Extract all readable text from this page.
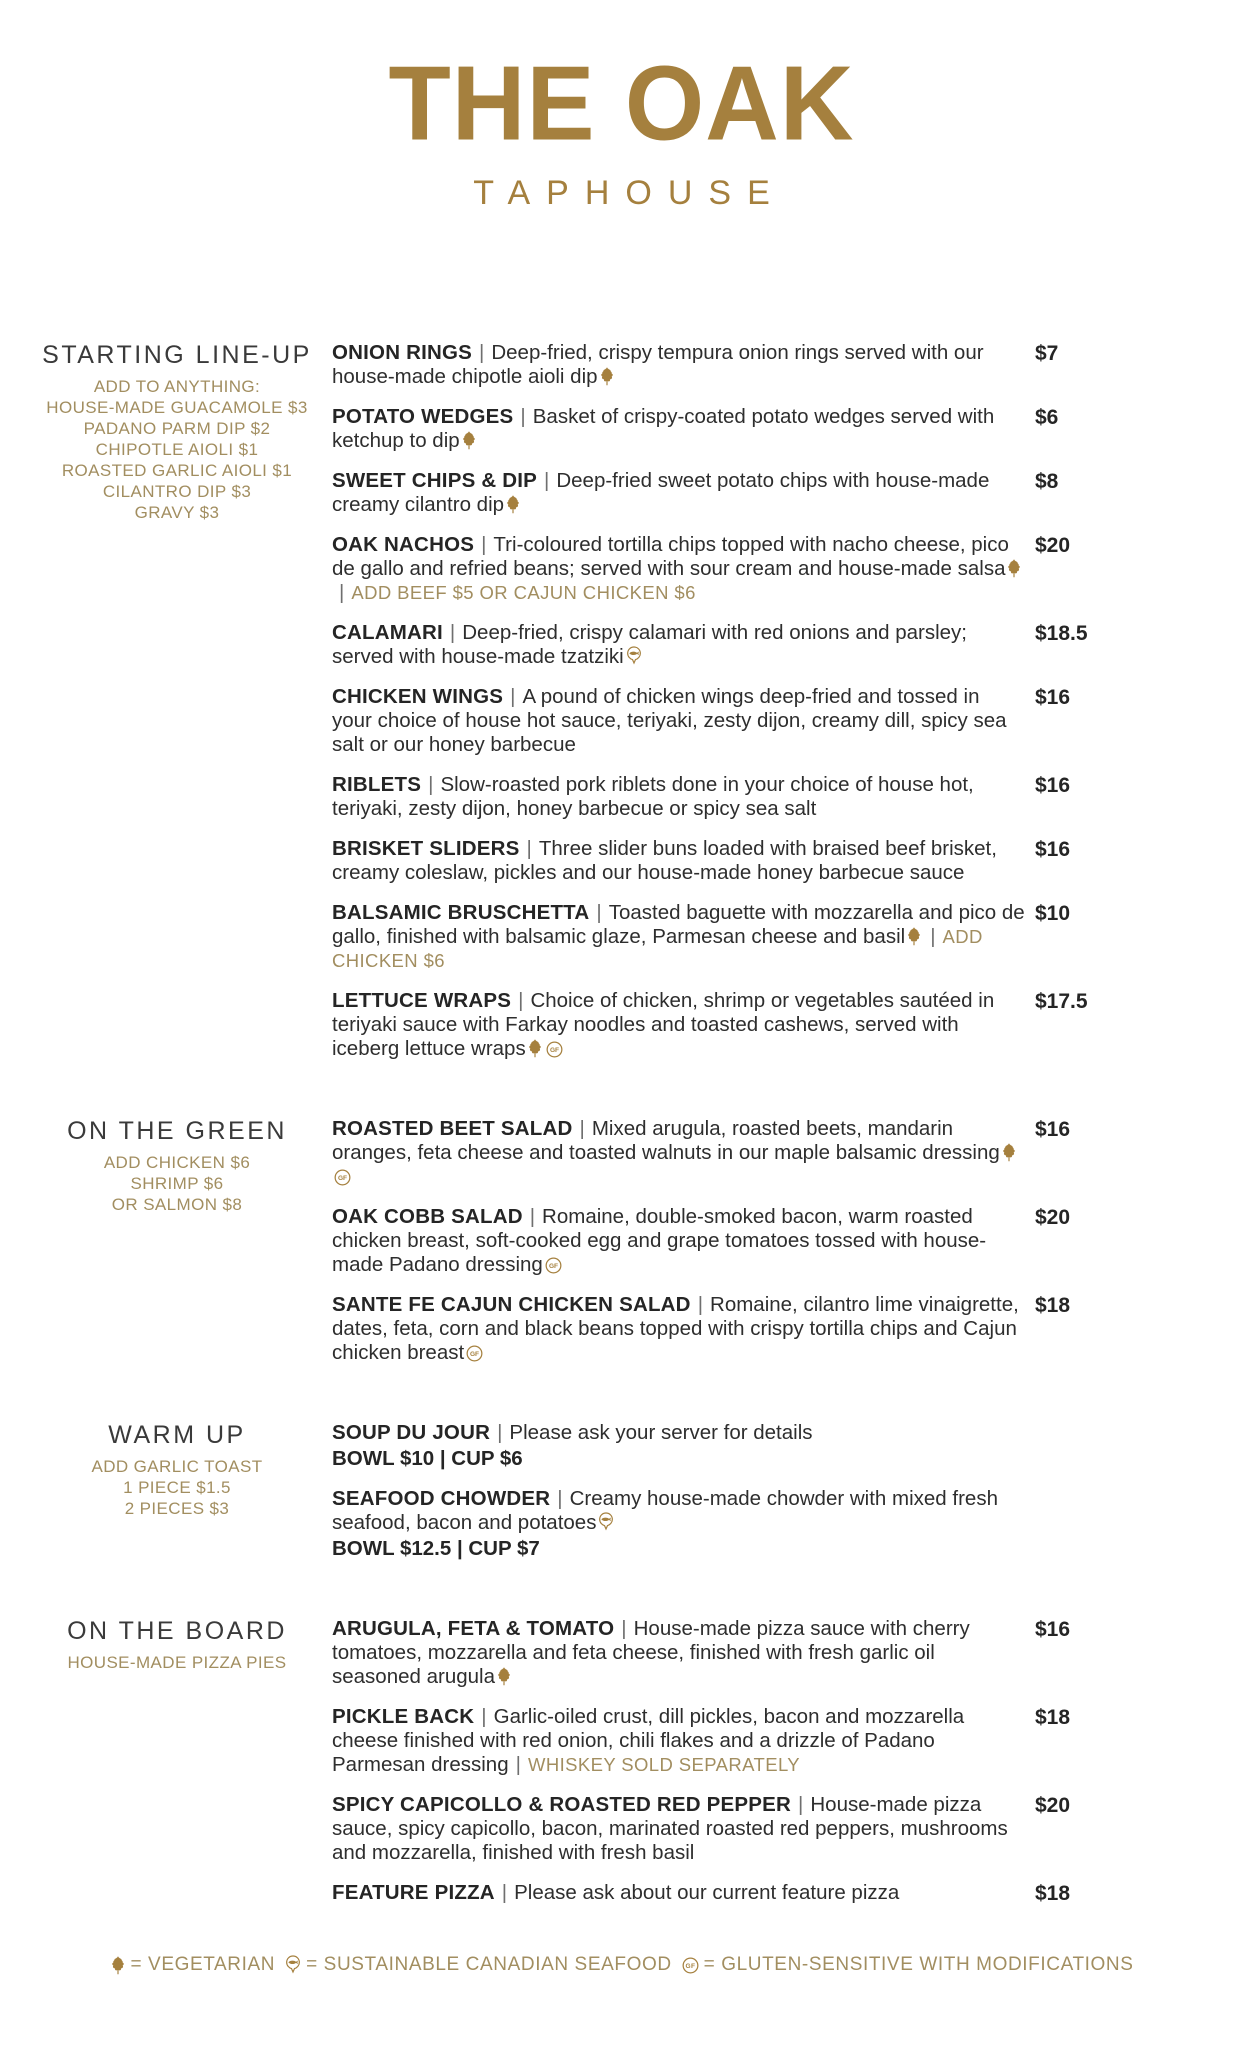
THE OAK
TAPHOUSE
STARTING LINE-UP
ADD TO ANYTHING:
HOUSE-MADE GUACAMOLE $3
PADANO PARM DIP $2
CHIPOTLE AIOLI $1
ROASTED GARLIC AIOLI $1
CILANTRO DIP $3
GRAVY $3
ONION RINGS | Deep-fried, crispy tempura onion rings served with our house-made chipotle aioli dip
$7
POTATO WEDGES | Basket of crispy-coated potato wedges served with ketchup to dip
$6
SWEET CHIPS & DIP | Deep-fried sweet potato chips with house-made creamy cilantro dip
$8
OAK NACHOS | Tri-coloured tortilla chips topped with nacho cheese, pico de gallo and refried beans; served with sour cream and house-made salsa| ADD BEEF $5 OR CAJUN CHICKEN $6
$20
CALAMARI | Deep-fried, crispy calamari with red onions and parsley; served with house-made tzatziki
$18.5
CHICKEN WINGS | A pound of chicken wings deep-fried and tossed in your choice of house hot sauce, teriyaki, zesty dijon, creamy dill, spicy sea salt or our honey barbecue
$16
RIBLETS | Slow-roasted pork riblets done in your choice of house hot, teriyaki, zesty dijon, honey barbecue or spicy sea salt
$16
BRISKET SLIDERS | Three slider buns loaded with braised beef brisket, creamy coleslaw, pickles and our house-made honey barbecue sauce
$16
BALSAMIC BRUSCHETTA | Toasted baguette with mozzarella and pico de gallo, finished with balsamic glaze, Parmesan cheese and basil | ADD CHICKEN $6
$10
LETTUCE WRAPS | Choice of chicken, shrimp or vegetables sautéed in teriyaki sauce with Farkay noodles and toasted cashews, served with iceberg lettuce wraps	GF
$17.5
ON THE GREEN
ADD CHICKEN $6
SHRIMP $6
OR SALMON $8
ROASTED BEET SALAD | Mixed arugula, roasted beets, mandarin oranges, feta cheese and toasted walnuts in our maple balsamic dressing
GF
$16
OAK COBB SALAD | Romaine, double-smoked bacon, warm roasted chicken breast, soft-cooked egg and grape tomatoes tossed with house-made Padano dressing GF
$20
SANTE FE CAJUN CHICKEN SALAD | Romaine, cilantro lime vinaigrette, dates, feta, corn and black beans topped with crispy tortilla chips and Cajun chicken breast GF
$18
WARM UP
ADD GARLIC TOAST
1 PIECE $1.5
2 PIECES $3
SOUP DU JOUR | Please ask your server for details
BOWL $10 | CUP $6
SEAFOOD CHOWDER | Creamy house-made chowder with mixed fresh seafood, bacon and potatoes
BOWL $12.5 | CUP $7
ON THE BOARD
HOUSE-MADE PIZZA PIES
ARUGULA, FETA & TOMATO | House-made pizza sauce with cherry tomatoes, mozzarella and feta cheese, finished with fresh garlic oil seasoned arugula
$16
PICKLE BACK | Garlic-oiled crust, dill pickles, bacon and mozzarella cheese finished with red onion, chili flakes and a drizzle of Padano Parmesan dressing | WHISKEY SOLD SEPARATELY
$18
SPICY CAPICOLLO & ROASTED RED PEPPER | House-made pizza sauce, spicy capicollo, bacon, marinated roasted red peppers, mushrooms and mozzarella, finished with fresh basil
$20
FEATURE PIZZA | Please ask about our current feature pizza	$18
= VEGETARIAN = SUSTAINABLE CANADIAN SEAFOOD GF = GLUTEN-SENSITIVE WITH MODIFICATIONS
